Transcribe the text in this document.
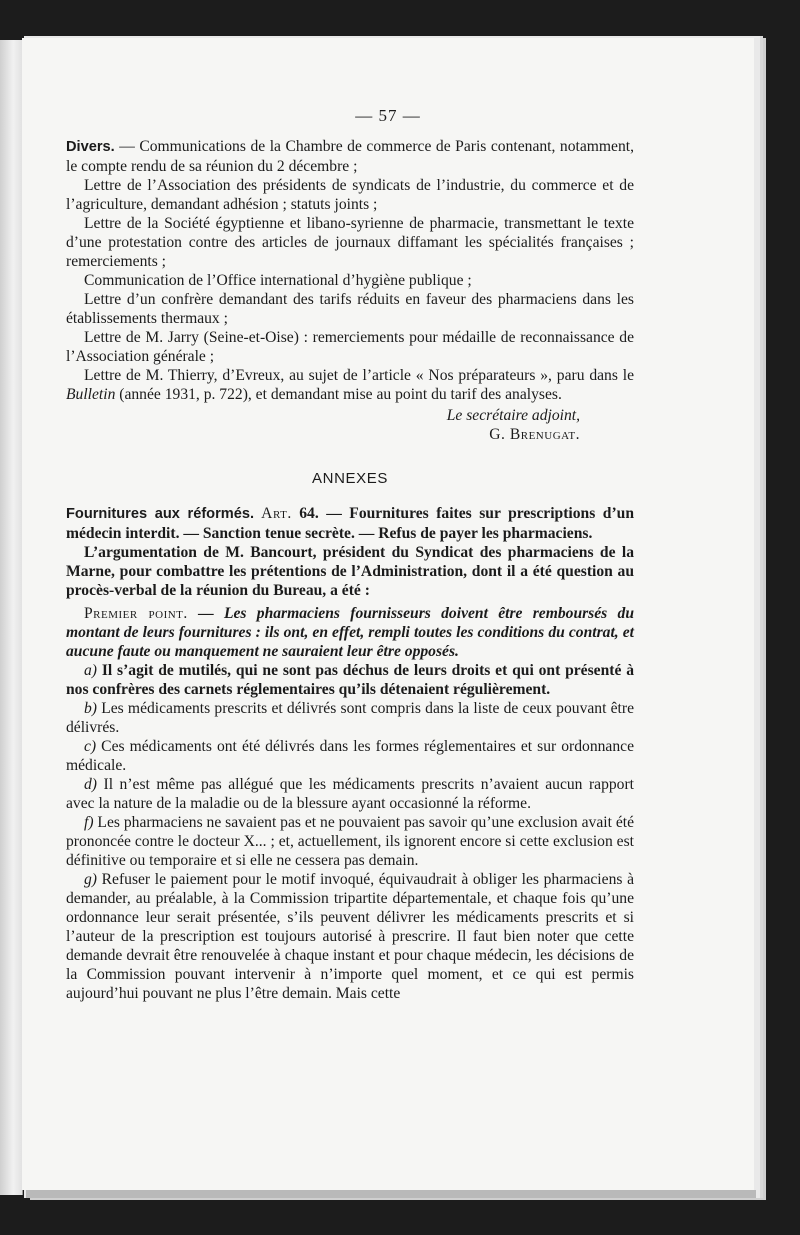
— 57 —

Divers. — Communications de la Chambre de commerce de Paris contenant, notamment, le compte rendu de sa réunion du 2 décembre ;

Lettre de l’Association des présidents de syndicats de l’industrie, du commerce et de l’agriculture, demandant adhésion ; statuts joints ;

Lettre de la Société égyptienne et libano-syrienne de pharmacie, transmettant le texte d’une protestation contre des articles de journaux diffamant les spécialités françaises ; remerciements ;

Communication de l’Office international d’hygiène publique ;

Lettre d’un confrère demandant des tarifs réduits en faveur des pharmaciens dans les établissements thermaux ;

Lettre de M. Jarry (Seine-et-Oise) : remerciements pour médaille de reconnaissance de l’Association générale ;

Lettre de M. Thierry, d’Evreux, au sujet de l’article « Nos préparateurs », paru dans le Bulletin (année 1931, p. 722), et demandant mise au point du tarif des analyses.

Le secrétaire adjoint,
G. Brenugat.
ANNEXES

Fournitures aux réformés. Art. 64. — Fournitures faites sur prescriptions d’un médecin interdit. — Sanction tenue secrète. — Refus de payer les pharmaciens.

L’argumentation de M. Bancourt, président du Syndicat des pharmaciens de la Marne, pour combattre les prétentions de l’Administration, dont il a été question au procès-verbal de la réunion du Bureau, a été :

Premier point. — Les pharmaciens fournisseurs doivent être remboursés du montant de leurs fournitures : ils ont, en effet, rempli toutes les conditions du contrat, et aucune faute ou manquement ne sauraient leur être opposés.

a) Il s’agit de mutilés, qui ne sont pas déchus de leurs droits et qui ont présenté à nos confrères des carnets réglementaires qu’ils détenaient régulièrement.

b) Les médicaments prescrits et délivrés sont compris dans la liste de ceux pouvant être délivrés.

c) Ces médicaments ont été délivrés dans les formes réglementaires et sur ordonnance médicale.

d) Il n’est même pas allégué que les médicaments prescrits n’avaient aucun rapport avec la nature de la maladie ou de la blessure ayant occasionné la réforme.

f) Les pharmaciens ne savaient pas et ne pouvaient pas savoir qu’une exclusion avait été prononcée contre le docteur X... ; et, actuellement, ils ignorent encore si cette exclusion est définitive ou temporaire et si elle ne cessera pas demain.

g) Refuser le paiement pour le motif invoqué, équivaudrait à obliger les pharmaciens à demander, au préalable, à la Commission tripartite départementale, et chaque fois qu’une ordonnance leur serait présentée, s’ils peuvent délivrer les médicaments prescrits et si l’auteur de la prescription est toujours autorisé à prescrire. Il faut bien noter que cette demande devrait être renouvelée à chaque instant et pour chaque médecin, les décisions de la Commission pouvant intervenir à n’importe quel moment, et ce qui est permis aujourd’hui pouvant ne plus l’être demain. Mais cette
